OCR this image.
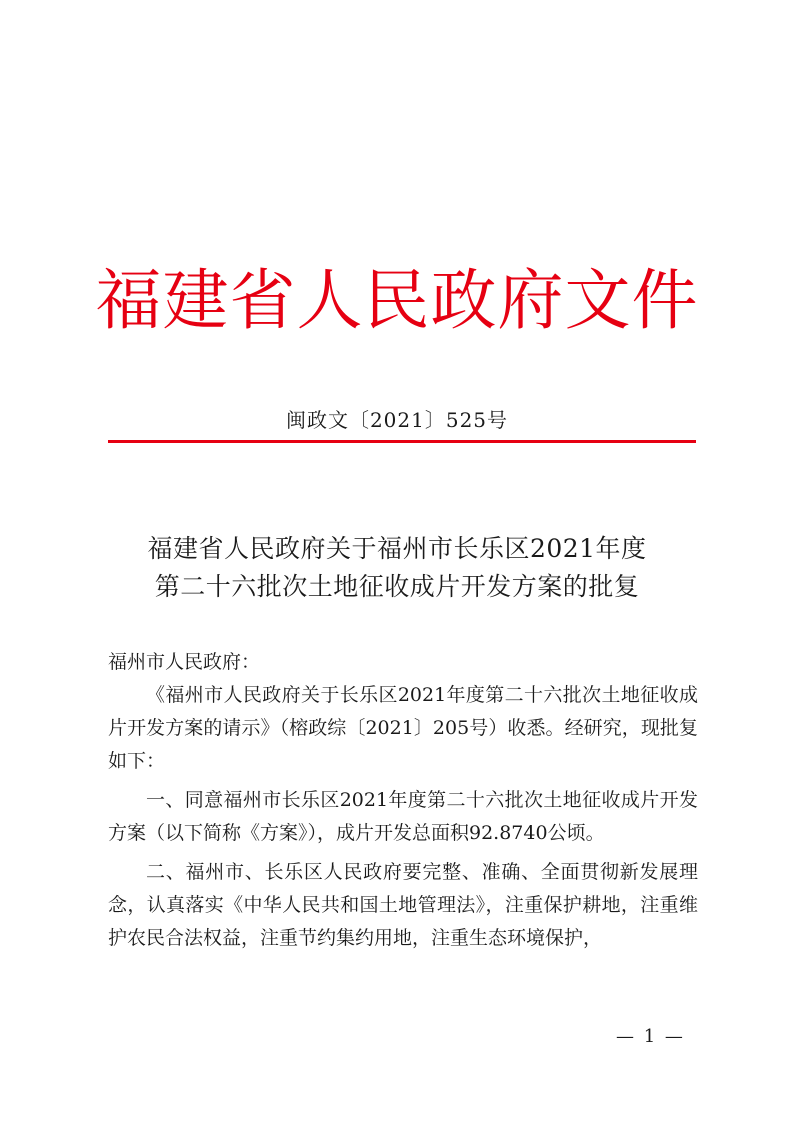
福建省人民政府文件
闽政文〔2021〕525号
福建省人民政府关于福州市长乐区2021年度
第二十六批次土地征收成片开发方案的批复

福州市人民政府：

《福州市人民政府关于长乐区2021年度第二十六批次土地征收成片开发方案的请示》（榕政综〔2021〕205号）收悉。经研究，现批复如下：

一、同意福州市长乐区2021年度第二十六批次土地征收成片开发方案（以下简称《方案》），成片开发总面积92.8740公顷。

二、福州市、长乐区人民政府要完整、准确、全面贯彻新发展理念，认真落实《中华人民共和国土地管理法》，注重保护耕地，注重维护农民合法权益，注重节约集约用地，注重生态环境保护，

— 1 —
